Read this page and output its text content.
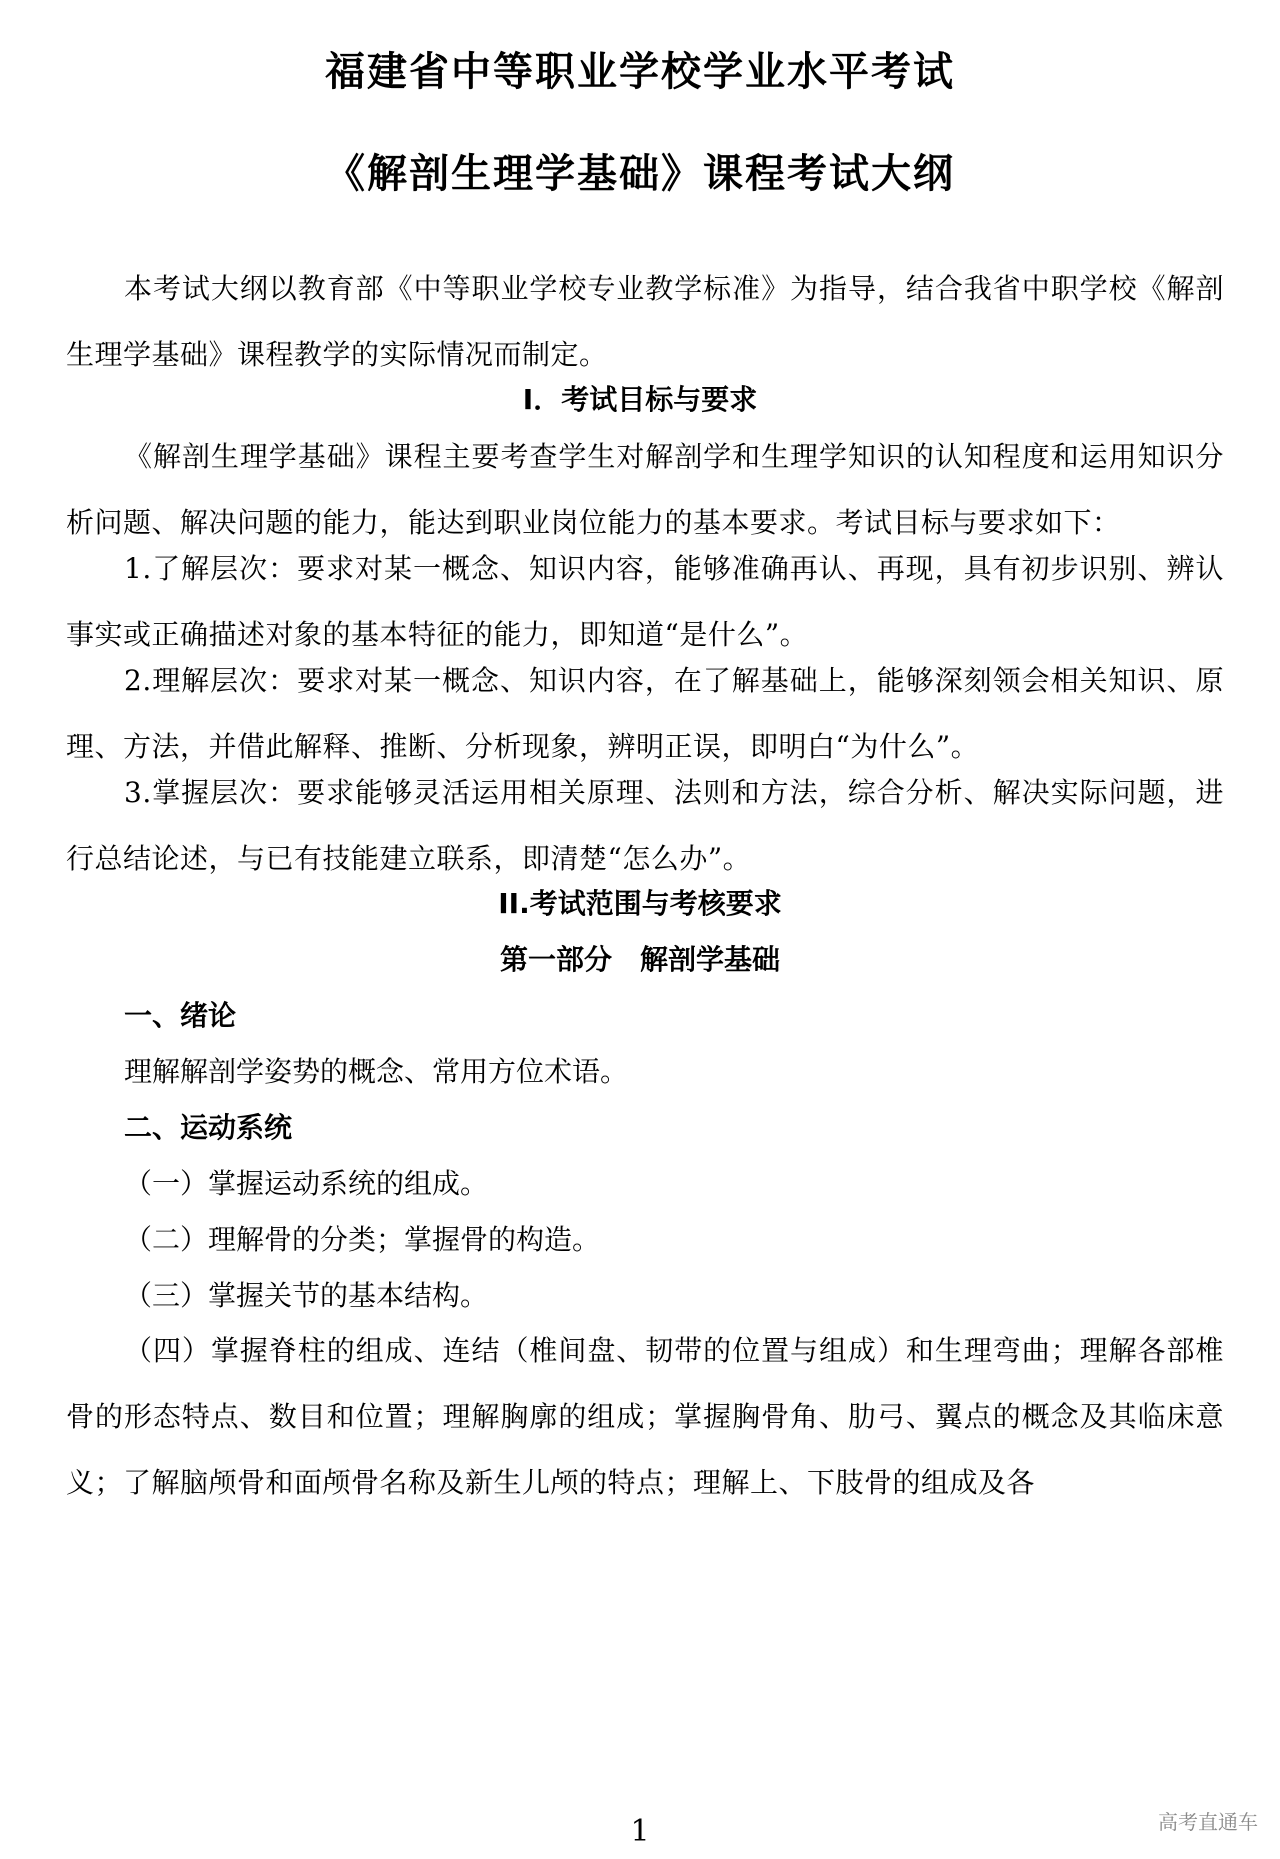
福建省中等职业学校学业水平考试
《解剖生理学基础》课程考试大纲
本考试大纲以教育部《中等职业学校专业教学标准》为指导，结合我省中职学校《解剖生理学基础》课程教学的实际情况而制定。
I．考试目标与要求
《解剖生理学基础》课程主要考查学生对解剖学和生理学知识的认知程度和运用知识分析问题、解决问题的能力，能达到职业岗位能力的基本要求。考试目标与要求如下：
1.了解层次：要求对某一概念、知识内容，能够准确再认、再现，具有初步识别、辨认事实或正确描述对象的基本特征的能力，即知道“是什么”。
2.理解层次：要求对某一概念、知识内容，在了解基础上，能够深刻领会相关知识、原理、方法，并借此解释、推断、分析现象，辨明正误，即明白“为什么”。
3.掌握层次：要求能够灵活运用相关原理、法则和方法，综合分析、解决实际问题，进行总结论述，与已有技能建立联系，即清楚“怎么办”。
II.考试范围与考核要求
第一部分　解剖学基础
一、绪论
理解解剖学姿势的概念、常用方位术语。
二、运动系统
（一）掌握运动系统的组成。
（二）理解骨的分类；掌握骨的构造。
（三）掌握关节的基本结构。
（四）掌握脊柱的组成、连结（椎间盘、韧带的位置与组成）和生理弯曲；理解各部椎骨的形态特点、数目和位置；理解胸廓的组成；掌握胸骨角、肋弓、翼点的概念及其临床意义；了解脑颅骨和面颅骨名称及新生儿颅的特点；理解上、下肢骨的组成及各
1	高考直通车
